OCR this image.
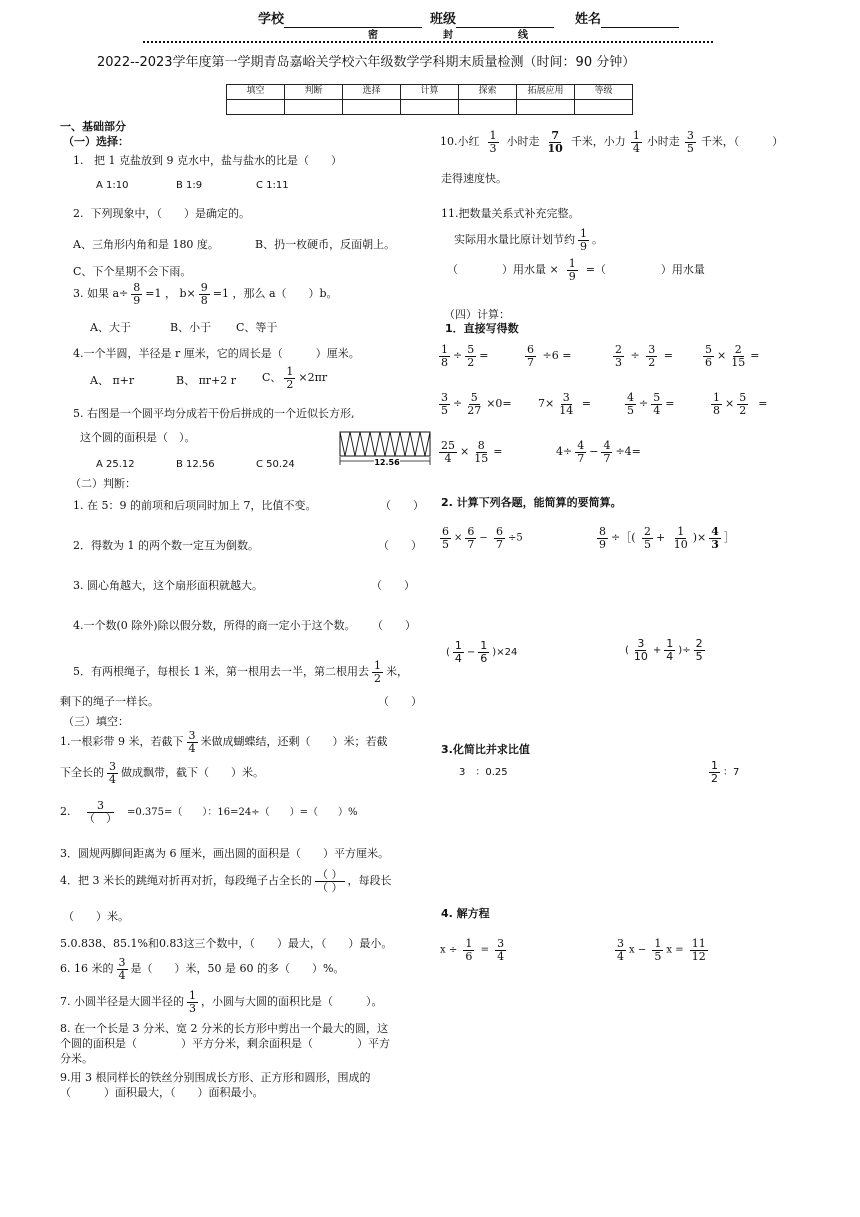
学校	班级	姓名
密	封	线
2022--2023学年度第一学期青岛嘉峪关学校六年级数学学科期末质量检测（时间：90 分钟）
填空	判断	选择	计算	探索	拓展应用	等级

一、基础部分
（一）选择：
1. 把 1 克盐放到 9 克水中，盐与盐水的比是（　　）
A 1:10	B 1:9	C 1:11
2. 下列现象中，（　　）是确定的。
A、三角形内角和是 180 度。	B、扔一枚硬币，反面朝上。
C、下个星期不会下雨。
3. 如果 $a\div \frac{8}{9} =1$ ， $b\times \frac{9}{8} =1$ ，那么 a（　　）b。
A、大于	B、小于 C、等于
4.一个半圆，半径是 r 厘米，它的周长是（　　　）厘米。
A、 π+r	B、 πr+2 r C、 $\frac{1}{2} \times 2\pi r$
5. 右图是一个圆平均分成若干份后拼成的一个近似长方形,
这个圆的面积是（　）。
12.56
A 25.12	B 12.56	C 50.24
（二）判断：
1. 在 5：9 的前项和后项同时加上 7，比值不变。	（　　）
2．得数为 1 的两个数一定互为倒数。	（　　）
3. 圆心角越大，这个扇形面积就越大。	（　　）
4.一个数(0 除外)除以假分数，所得的商一定小于这个数。 （　　）
5．有两根绳子，每根长 1 米，第一根用去一半，第二根用去 $\frac{1}{2}$ 米，
剩下的绳子一样长。	（　　）
（三）填空：
1.一根彩带 9 米，若截下 $\frac{3}{4}$ 米做成蝴蝶结，还剩（　　）米；若截
下全长的 $\frac{3}{4}$ 做成飘带，截下（　　）米。
2. $\frac{3}{( )} =0.375=$（　　）：16=24÷（　　）=（　　）%
3．圆规两脚间距离为 6 厘米，画出圆的面积是（　　）平方厘米。
4．把 3 米长的跳绳对折再对折，每段绳子占全长的 $\frac{( )}{( )}$ ，每段长
（　　）米。
5.0.838、85.1%和0.83̇这三个数中，（　　）最大，（　　）最小。
6. 16 米的 $\frac{3}{4}$ 是（　　）米，50 是 60 的多（　　）%。
7. 小圆半径是大圆半径的 $\frac{1}{3}$ ，小圆与大圆的面积比是（　　　）。
8. 在一个长是 3 分米、宽 2 分米的长方形中剪出一个最大的圆，这
个圆的面积是（　　　　）平方分米，剩余面积是（　　　　）平方
分米。
9.用 3 根同样长的铁丝分别围成长方形、正方形和圆形，围成的
（　　　）面积最大，（　　）面积最小。
10.小红 $\frac{1}{3}$ 小时走 $\frac{7}{10}$ 千米，小力 $\frac{1}{4}$ 小时走 $\frac{3}{5}$ 千米，（　　　）
走得速度快。
11.把数量关系式补充完整。
实际用水量比原计划节约 $\frac{1}{9}$ 。
（　　　　）用水量 × $\frac{1}{9}$ =（　　　　　）用水量
（四）计算：
1．直接写得数
$\frac{1}{8} \div \frac{5}{2}$ =	$\frac{6}{7} \div 6$ =	$\frac{2}{3} \div \frac{3}{2}$ =	$\frac{5}{6} \times \frac{2}{15}$ =
$\frac{3}{5} \div \frac{5}{27} \times 0= 7\times \frac{3}{14}$ =	$\frac{4}{5} \div \frac{5}{4}$ =	$\frac{1}{8} \times \frac{5}{2}$ =
$\frac{25}{4} \times \frac{8}{15}$ =	$4\div \frac{4}{7} - \frac{4}{7} \div 4=$
2. 计算下列各题，能简算的要简算。
$\frac{6}{5} \times \frac{6}{7} - \frac{6}{7} \div 5$	$\frac{8}{9}$ ÷［( $\frac{2}{5} + \frac{1}{10}$ )× $\frac{4}{3}$ ］
( $\frac{1}{4} - \frac{1}{6} )\times 24$	( $\frac{3}{10} + \frac{1}{4}$ )÷ $\frac{2}{5}$
3.化简比并求比值
3　：0.25	$\frac{1}{2}$ ：7
4. 解方程
$x \div \frac{1}{6} = \frac{3}{4}$	$\frac{3}{4}$ $x - \frac{1}{5}$ $x = \frac{11}{12}$
